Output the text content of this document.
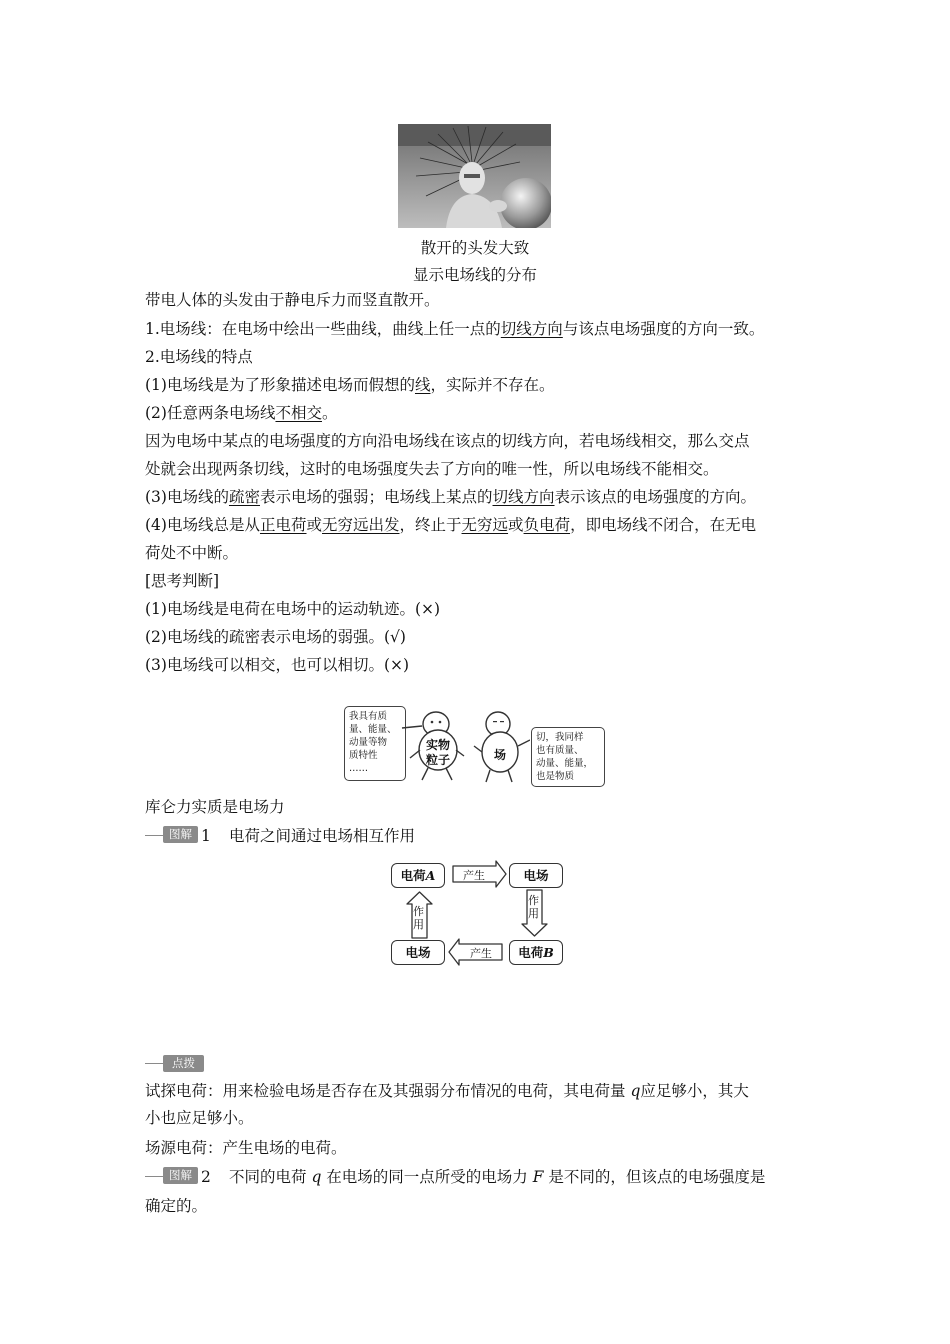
散开的头发大致
显示电场线的分布
带电人体的头发由于静电斥力而竖直散开。
1.电场线：在电场中绘出一些曲线，曲线上任一点的切线方向与该点电场强度的方向一致。
2.电场线的特点
(1)电场线是为了形象描述电场而假想的线，实际并不存在。
(2)任意两条电场线不相交。
因为电场中某点的电场强度的方向沿电场线在该点的切线方向，若电场线相交，那么交点
处就会出现两条切线，这时的电场强度失去了方向的唯一性，所以电场线不能相交。
(3)电场线的疏密表示电场的强弱；电场线上某点的切线方向表示该点的电场强度的方向。
(4)电场线总是从正电荷或无穷远出发，终止于无穷远或负电荷，即电场线不闭合，在无电
荷处不中断。
[思考判断]
(1)电场线是电荷在电场中的运动轨迹。(×)
(2)电场线的疏密表示电场的弱强。(√)
(3)电场线可以相交，也可以相切。(×)
我具有质
量、能量、
动量等物
质特性
……
实物
粒子	场
切，我同样
也有质量、
动量、能量，
也是物质
库仑力实质是电场力
图解 1 电荷之间通过电场相互作用
电荷A	电场
电场	电荷B
产生
产生
作
用
作
用
点拨
试探电荷：用来检验电场是否存在及其强弱分布情况的电荷，其电荷量 q应足够小，其大
小也应足够小。
场源电荷：产生电场的电荷。
图解 2 不同的电荷 q 在电场的同一点所受的电场力 F 是不同的，但该点的电场强度是
确定的。
